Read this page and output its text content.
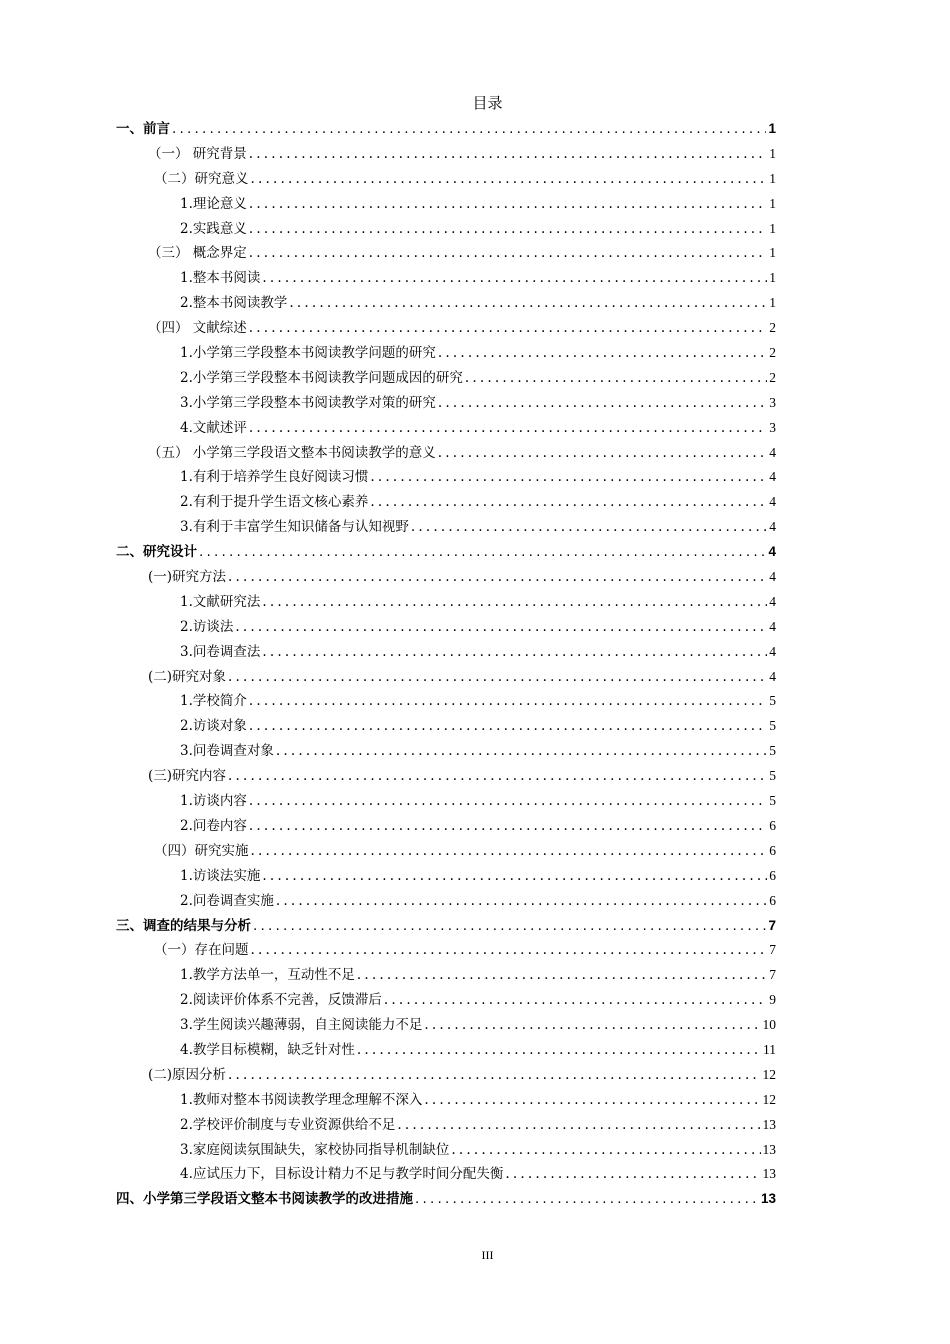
目录
一、前言 .....	1
（一） 研究背景 .....	1
（二）研究意义 .....	1
1.理论意义 .....	1
2.实践意义 .....	1
（三） 概念界定 .....	1
1.整本书阅读 .....	1
2.整本书阅读教学 .....	1
（四） 文献综述 .....	2
1.小学第三学段整本书阅读教学问题的研究 .....	2
2.小学第三学段整本书阅读教学问题成因的研究 .....	2
3.小学第三学段整本书阅读教学对策的研究 .....	3
4.文献述评 .....	3
（五） 小学第三学段语文整本书阅读教学的意义 .....	4
1.有利于培养学生良好阅读习惯 .....	4
2.有利于提升学生语文核心素养 .....	4
3.有利于丰富学生知识储备与认知视野 .....	4
二、研究设计 .....	4
(一)研究方法 .....	4
1.文献研究法 .....	4
2.访谈法 .....	4
3.问卷调查法 .....	4
(二)研究对象 .....	4
1.学校简介 .....	5
2.访谈对象 .....	5
3.问卷调查对象 .....	5
(三)研究内容 .....	5
1.访谈内容 .....	5
2.问卷内容 .....	6
（四）研究实施 .....	6
1.访谈法实施 .....	6
2.问卷调查实施 .....	6
三、调查的结果与分析 .....	7
（一）存在问题 .....	7
1.教学方法单一，互动性不足 .....	7
2.阅读评价体系不完善，反馈滞后 .....	9
3.学生阅读兴趣薄弱，自主阅读能力不足 .....	10
4.教学目标模糊，缺乏针对性 .....	11
(二)原因分析 .....	12
1.教师对整本书阅读教学理念理解不深入 .....	12
2.学校评价制度与专业资源供给不足 .....	13
3.家庭阅读氛围缺失，家校协同指导机制缺位 .....	13
4.应试压力下，目标设计精力不足与教学时间分配失衡 .....	13
四、小学第三学段语文整本书阅读教学的改进措施 .....	13
III
